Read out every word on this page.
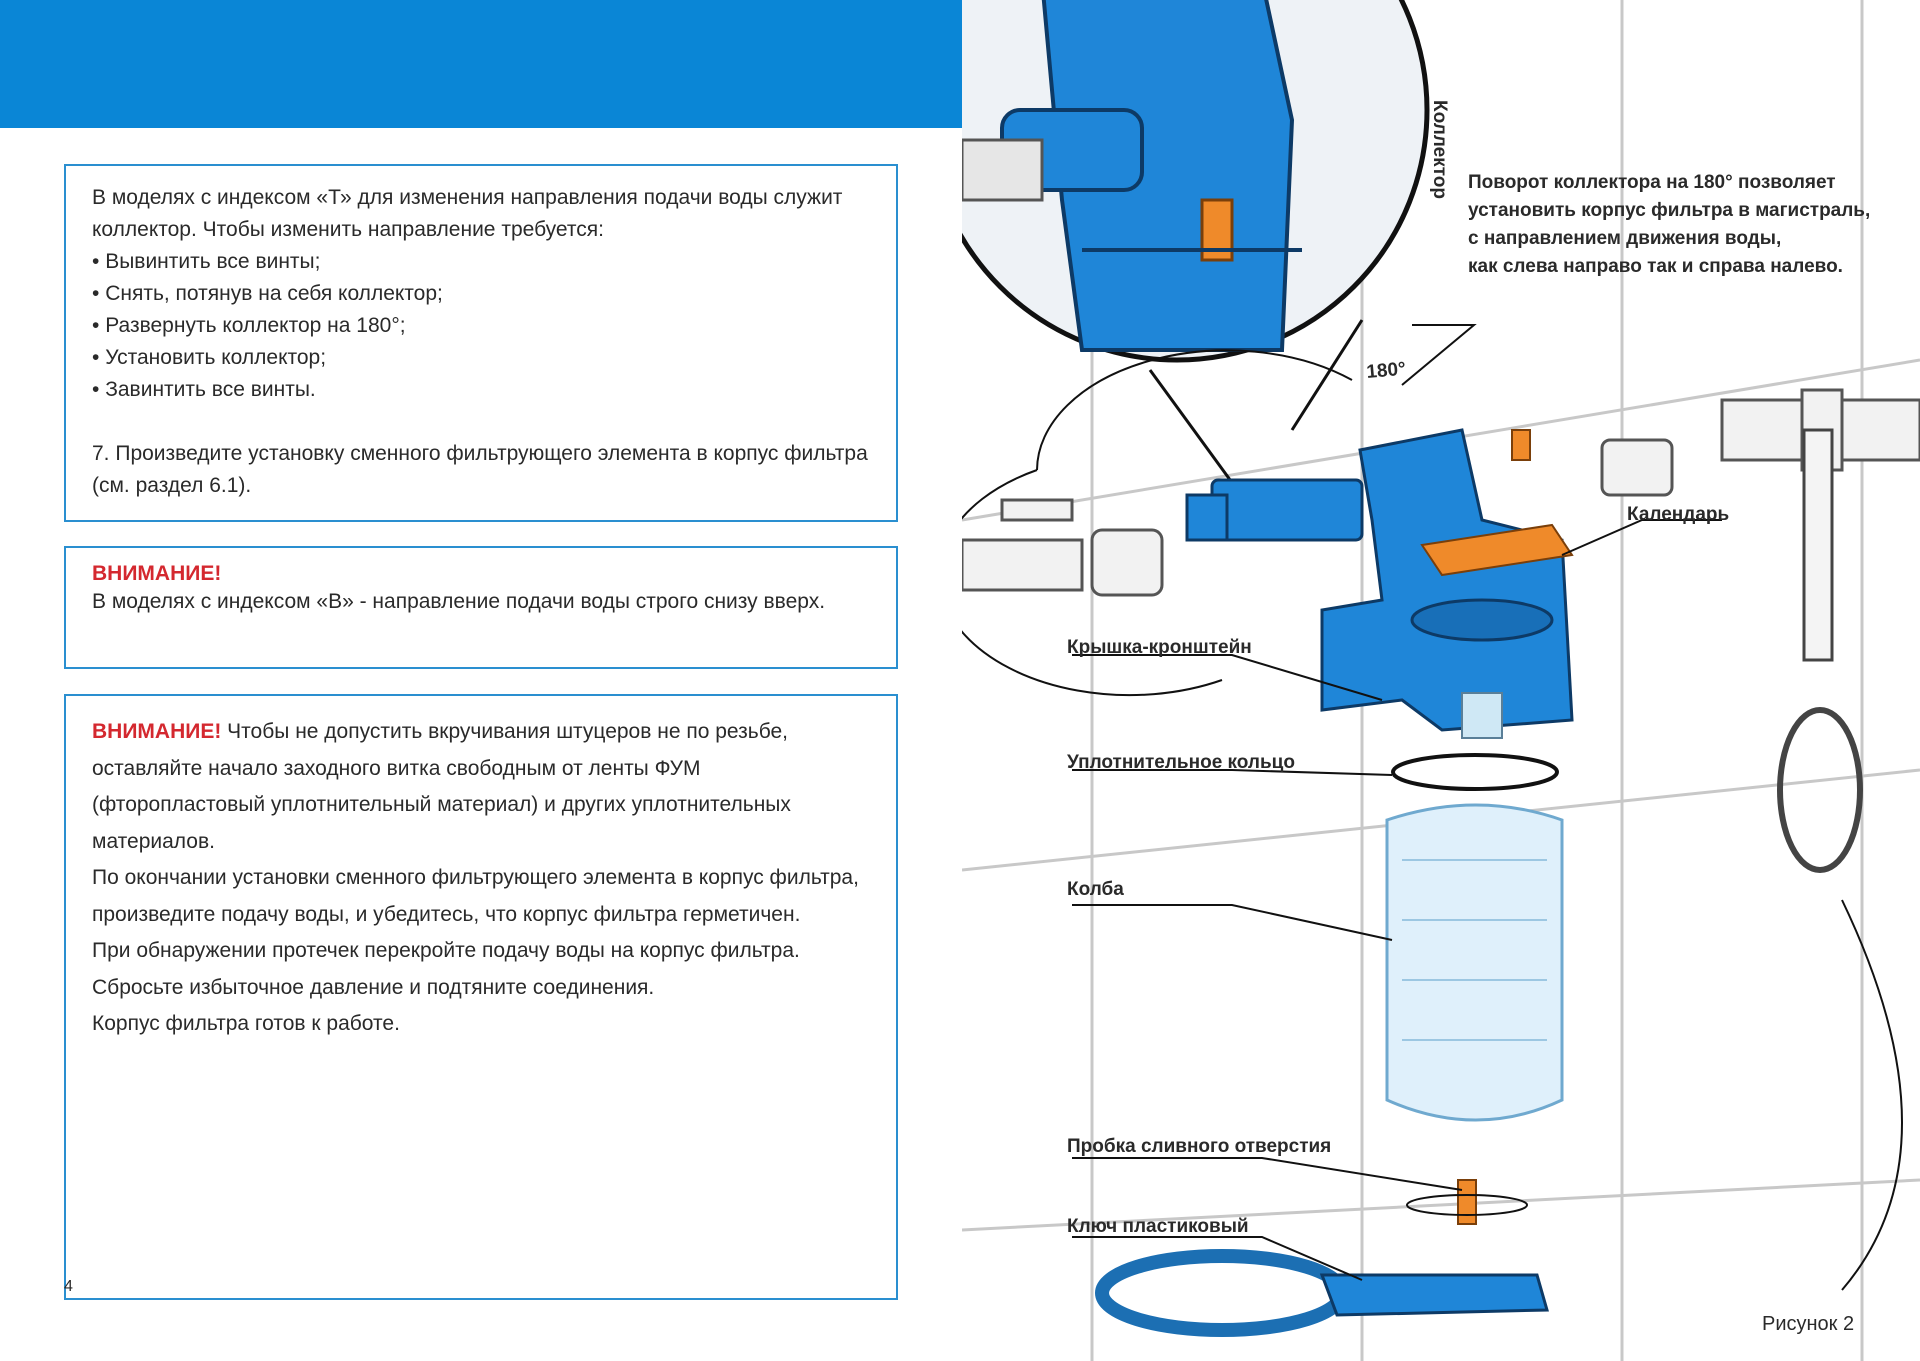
В моделях с индексом «Т» для изменения направления подачи воды служит коллектор. Чтобы изменить направление требуется:

• Вывинтить все винты;
• Снять, потянув на себя коллектор;
• Развернуть коллектор на 180°;
• Установить коллектор;
• Завинтить все винты.

7. Произведите установку сменного фильтрующего элемента в корпус фильтра (см. раздел 6.1).

ВНИМАНИЕ!

В моделях с индексом «В» - направление подачи воды строго снизу вверх.

ВНИМАНИЕ! Чтобы не допустить вкручивания штуцеров не по резьбе, оставляйте начало заходного витка свободным от ленты ФУМ (фторопластовый уплотнительный материал) и других уплотнительных материалов.

По окончании установки сменного фильтрующего элемента в корпус фильтра, произведите подачу воды, и убедитесь, что корпус фильтра герметичен.

При обнаружении протечек перекройте подачу воды на корпус фильтра.

Сбросьте избыточное давление и подтяните соединения.

Корпус фильтра готов к работе.

4
Коллектор Поворот коллектора на 180° позволяет установить корпус фильтра в магистраль, с направлением движения воды, как слева направо так и справа налево.
180°
Календарь
Крышка-кронштейн
Уплотнительное кольцо
Колба
Пробка сливного отверстия
Ключ пластиковый
Рисунок 2
